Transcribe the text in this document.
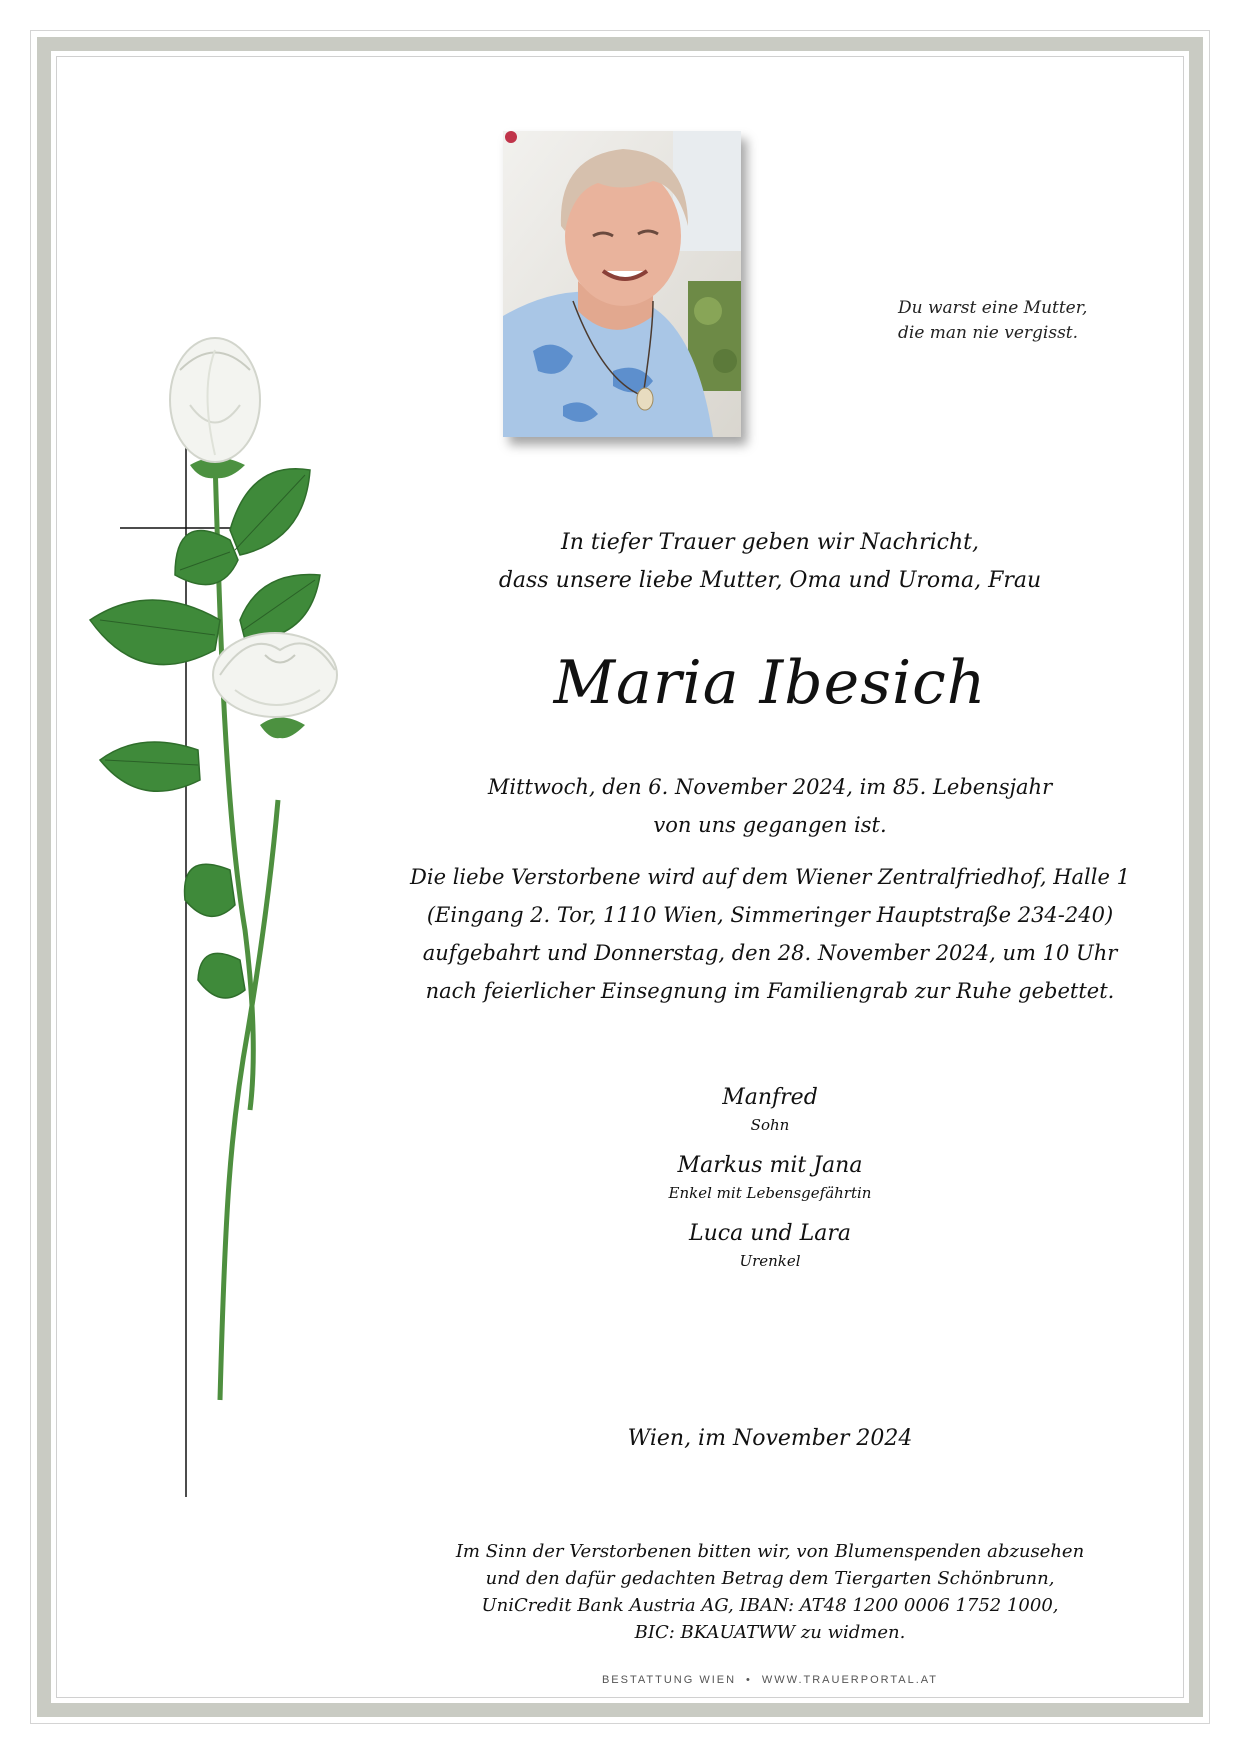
Du warst eine Mutter,
die man nie vergisst.
In tiefer Trauer geben wir Nachricht,
dass unsere liebe Mutter, Oma und Uroma, Frau
Maria Ibesich
Mittwoch, den 6. November 2024, im 85. Lebensjahr
von uns gegangen ist.
Die liebe Verstorbene wird auf dem Wiener Zentralfriedhof, Halle 1
(Eingang 2. Tor, 1110 Wien, Simmeringer Hauptstraße 234-240)
aufgebahrt und Donnerstag, den 28. November 2024, um 10 Uhr
nach feierlicher Einsegnung im Familiengrab zur Ruhe gebettet.
Manfred
Sohn
Markus mit Jana
Enkel mit Lebensgefährtin
Luca und Lara
Urenkel
Wien, im November 2024
Im Sinn der Verstorbenen bitten wir, von Blumenspenden abzusehen
und den dafür gedachten Betrag dem Tiergarten Schönbrunn,
UniCredit Bank Austria AG, IBAN: AT48 1200 0006 1752 1000,
BIC: BKAUATWW zu widmen.
BESTATTUNG WIEN • WWW.TRAUERPORTAL.AT
